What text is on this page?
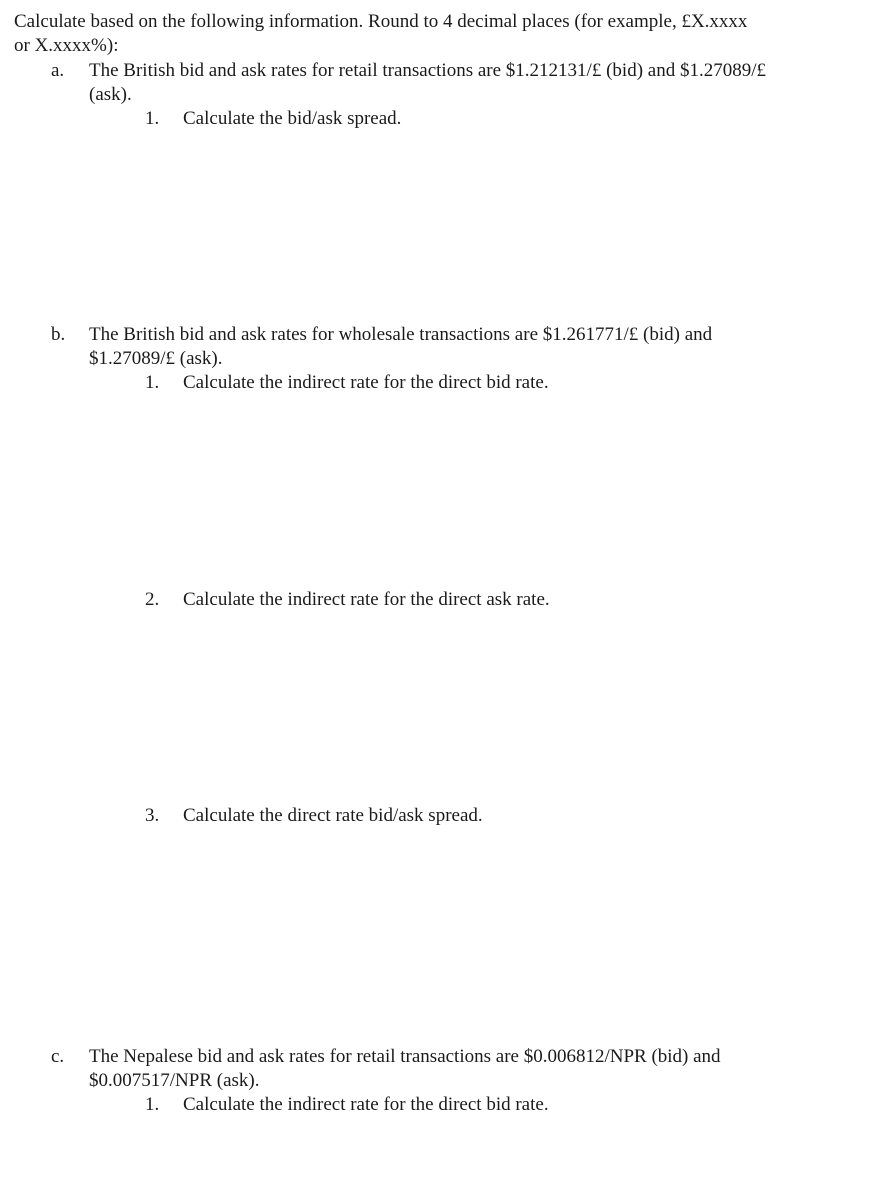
Calculate based on the following information. Round to 4 decimal places (for example, £X.xxxx
or X.xxxx%):
a. The British bid and ask rates for retail transactions are $1.212131/£ (bid) and $1.27089/£
(ask).
1. Calculate the bid/ask spread.
b. The British bid and ask rates for wholesale transactions are $1.261771/£ (bid) and
$1.27089/£ (ask).
1. Calculate the indirect rate for the direct bid rate.
2. Calculate the indirect rate for the direct ask rate.
3. Calculate the direct rate bid/ask spread.
c. The Nepalese bid and ask rates for retail transactions are $0.006812/NPR (bid) and
$0.007517/NPR (ask).
1. Calculate the indirect rate for the direct bid rate.
